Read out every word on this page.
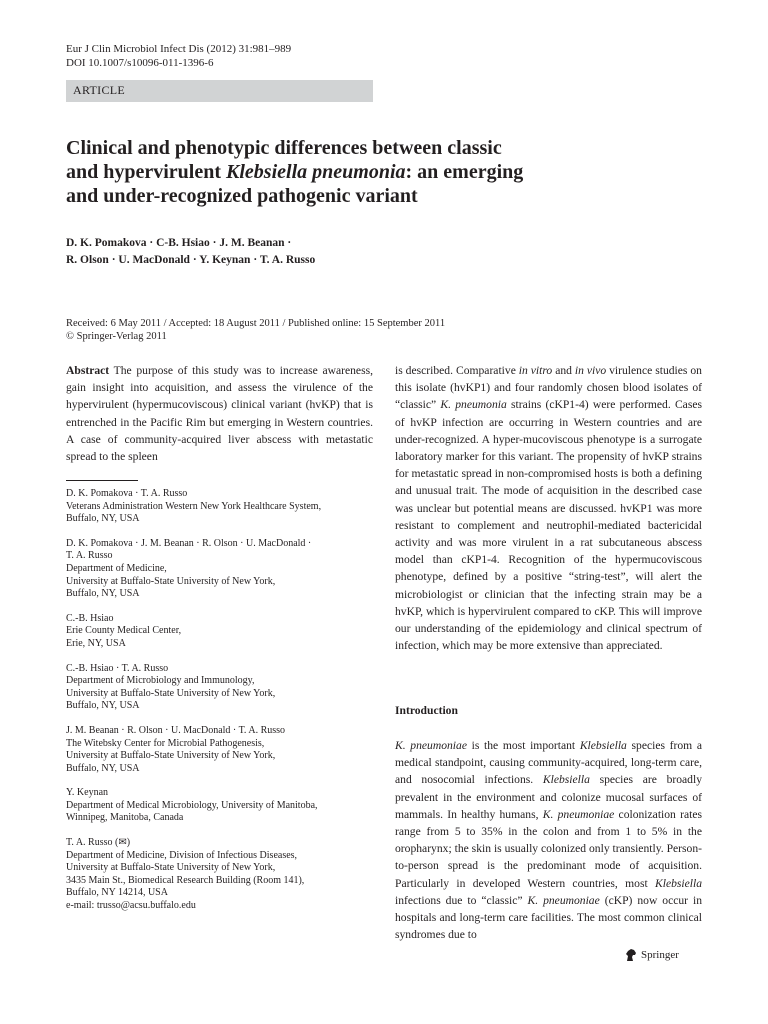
Eur J Clin Microbiol Infect Dis (2012) 31:981–989
DOI 10.1007/s10096-011-1396-6
ARTICLE
Clinical and phenotypic differences between classic
and hypervirulent Klebsiella pneumonia: an emerging
and under-recognized pathogenic variant
D. K. Pomakova · C-B. Hsiao · J. M. Beanan ·
R. Olson · U. MacDonald · Y. Keynan · T. A. Russo
Received: 6 May 2011 / Accepted: 18 August 2011 / Published online: 15 September 2011
© Springer-Verlag 2011
Abstract The purpose of this study was to increase awareness, gain insight into acquisition, and assess the virulence of the hypervirulent (hypermucoviscous) clinical variant (hvKP) that is entrenched in the Pacific Rim but emerging in Western countries. A case of community-acquired liver abscess with metastatic spread to the spleen
D. K. Pomakova · T. A. Russo
Veterans Administration Western New York Healthcare System,
Buffalo, NY, USA
D. K. Pomakova · J. M. Beanan · R. Olson · U. MacDonald ·
T. A. Russo
Department of Medicine,
University at Buffalo-State University of New York,
Buffalo, NY, USA
C.-B. Hsiao
Erie County Medical Center,
Erie, NY, USA
C.-B. Hsiao · T. A. Russo
Department of Microbiology and Immunology,
University at Buffalo-State University of New York,
Buffalo, NY, USA
J. M. Beanan · R. Olson · U. MacDonald · T. A. Russo
The Witebsky Center for Microbial Pathogenesis,
University at Buffalo-State University of New York,
Buffalo, NY, USA
Y. Keynan
Department of Medical Microbiology, University of Manitoba,
Winnipeg, Manitoba, Canada
T. A. Russo (✉)
Department of Medicine, Division of Infectious Diseases,
University at Buffalo-State University of New York,
3435 Main St., Biomedical Research Building (Room 141),
Buffalo, NY 14214, USA
e-mail: trusso@acsu.buffalo.edu
is described. Comparative in vitro and in vivo virulence studies on this isolate (hvKP1) and four randomly chosen blood isolates of “classic” K. pneumonia strains (cKP1-4) were performed. Cases of hvKP infection are occurring in Western countries and are under-recognized. A hyper-mucoviscous phenotype is a surrogate laboratory marker for this variant. The propensity of hvKP strains for metastatic spread in non-compromised hosts is both a defining and unusual trait. The mode of acquisition in the described case was unclear but potential means are discussed. hvKP1 was more resistant to complement and neutrophil-mediated bactericidal activity and was more virulent in a rat subcutaneous abscess model than cKP1-4. Recognition of the hypermucoviscous phenotype, defined by a positive “string-test”, will alert the microbiologist or clinician that the infecting strain may be a hvKP, which is hypervirulent compared to cKP. This will improve our understanding of the epidemiology and clinical spectrum of infection, which may be more extensive than appreciated.
Introduction
K. pneumoniae is the most important Klebsiella species from a medical standpoint, causing community-acquired, long-term care, and nosocomial infections. Klebsiella species are broadly prevalent in the environment and colonize mucosal surfaces of mammals. In healthy humans, K. pneumoniae colonization rates range from 5 to 35% in the colon and from 1 to 5% in the oropharynx; the skin is usually colonized only transiently. Person-to-person spread is the predominant mode of acquisition. Particularly in developed Western countries, most Klebsiella infections due to “classic” K. pneumoniae (cKP) now occur in hospitals and long-term care facilities. The most common clinical syndromes due to
Springer
